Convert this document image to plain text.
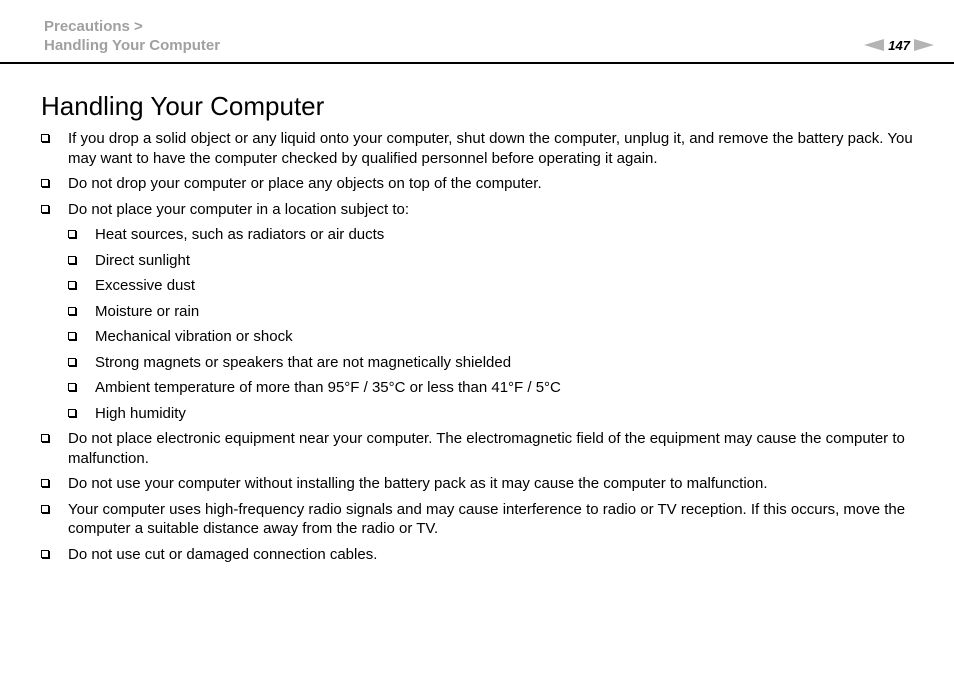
Precautions >
Handling Your Computer	147
Handling Your Computer
If you drop a solid object or any liquid onto your computer, shut down the computer, unplug it, and remove the battery pack. You may want to have the computer checked by qualified personnel before operating it again.
Do not drop your computer or place any objects on top of the computer.
Do not place your computer in a location subject to:
Heat sources, such as radiators or air ducts
Direct sunlight
Excessive dust
Moisture or rain
Mechanical vibration or shock
Strong magnets or speakers that are not magnetically shielded
Ambient temperature of more than 95°F / 35°C or less than 41°F / 5°C
High humidity
Do not place electronic equipment near your computer. The electromagnetic field of the equipment may cause the computer to malfunction.
Do not use your computer without installing the battery pack as it may cause the computer to malfunction.
Your computer uses high-frequency radio signals and may cause interference to radio or TV reception. If this occurs, move the computer a suitable distance away from the radio or TV.
Do not use cut or damaged connection cables.
